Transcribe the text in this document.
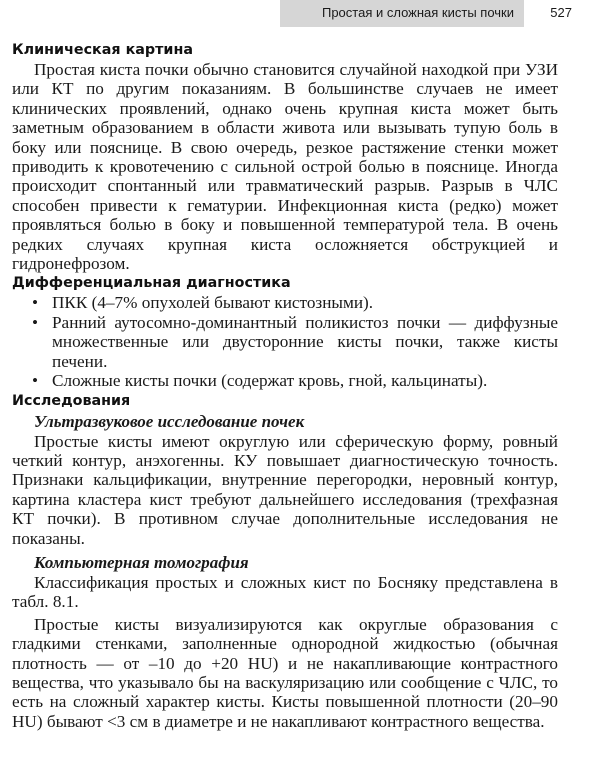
Простая и сложная кисты почки	527
Клиническая картина

Простая киста почки обычно становится случайной находкой при УЗИ или КТ по другим показаниям. В большинстве случаев не имеет клинических проявлений, однако очень крупная киста может быть заметным образованием в области живота или вызывать тупую боль в боку или пояснице. В свою очередь, резкое растяжение стенки может приводить к кровотечению с сильной острой болью в пояснице. Иногда происходит спонтанный или травматический разрыв. Разрыв в ЧЛС способен привести к гематурии. Инфекционная киста (редко) может проявляться болью в боку и повышенной температурой тела. В очень редких случаях крупная киста осложняется обструкцией и гидронефрозом.

Дифференциальная диагностика
• ПКК (4–7% опухолей бывают кистозными).
• Ранний аутосомно-доминантный поликистоз почки — диффузные множественные или двусторонние кисты почки, также кисты печени.
• Сложные кисты почки (содержат кровь, гной, кальцинаты).
Исследования
Ультразвуковое исследование почек

Простые кисты имеют округлую или сферическую форму, ровный четкий контур, анэхогенны. КУ повышает диагностическую точность. Признаки кальцификации, внутренние перегородки, неровный контур, картина кластера кист требуют дальнейшего исследования (трехфазная КТ почки). В противном случае дополнительные исследования не показаны.

Компьютерная томография

Классификация простых и сложных кист по Босняку представлена в табл. 8.1.

Простые кисты визуализируются как округлые образования с гладкими стенками, заполненные однородной жидкостью (обычная плотность — от –10 до +20 HU) и не накапливающие контрастного вещества, что указывало бы на васкуляризацию или сообщение с ЧЛС, то есть на сложный характер кисты. Кисты повышенной плотности (20–90 HU) бывают <3 см в диаметре и не накапливают контрастного вещества.
